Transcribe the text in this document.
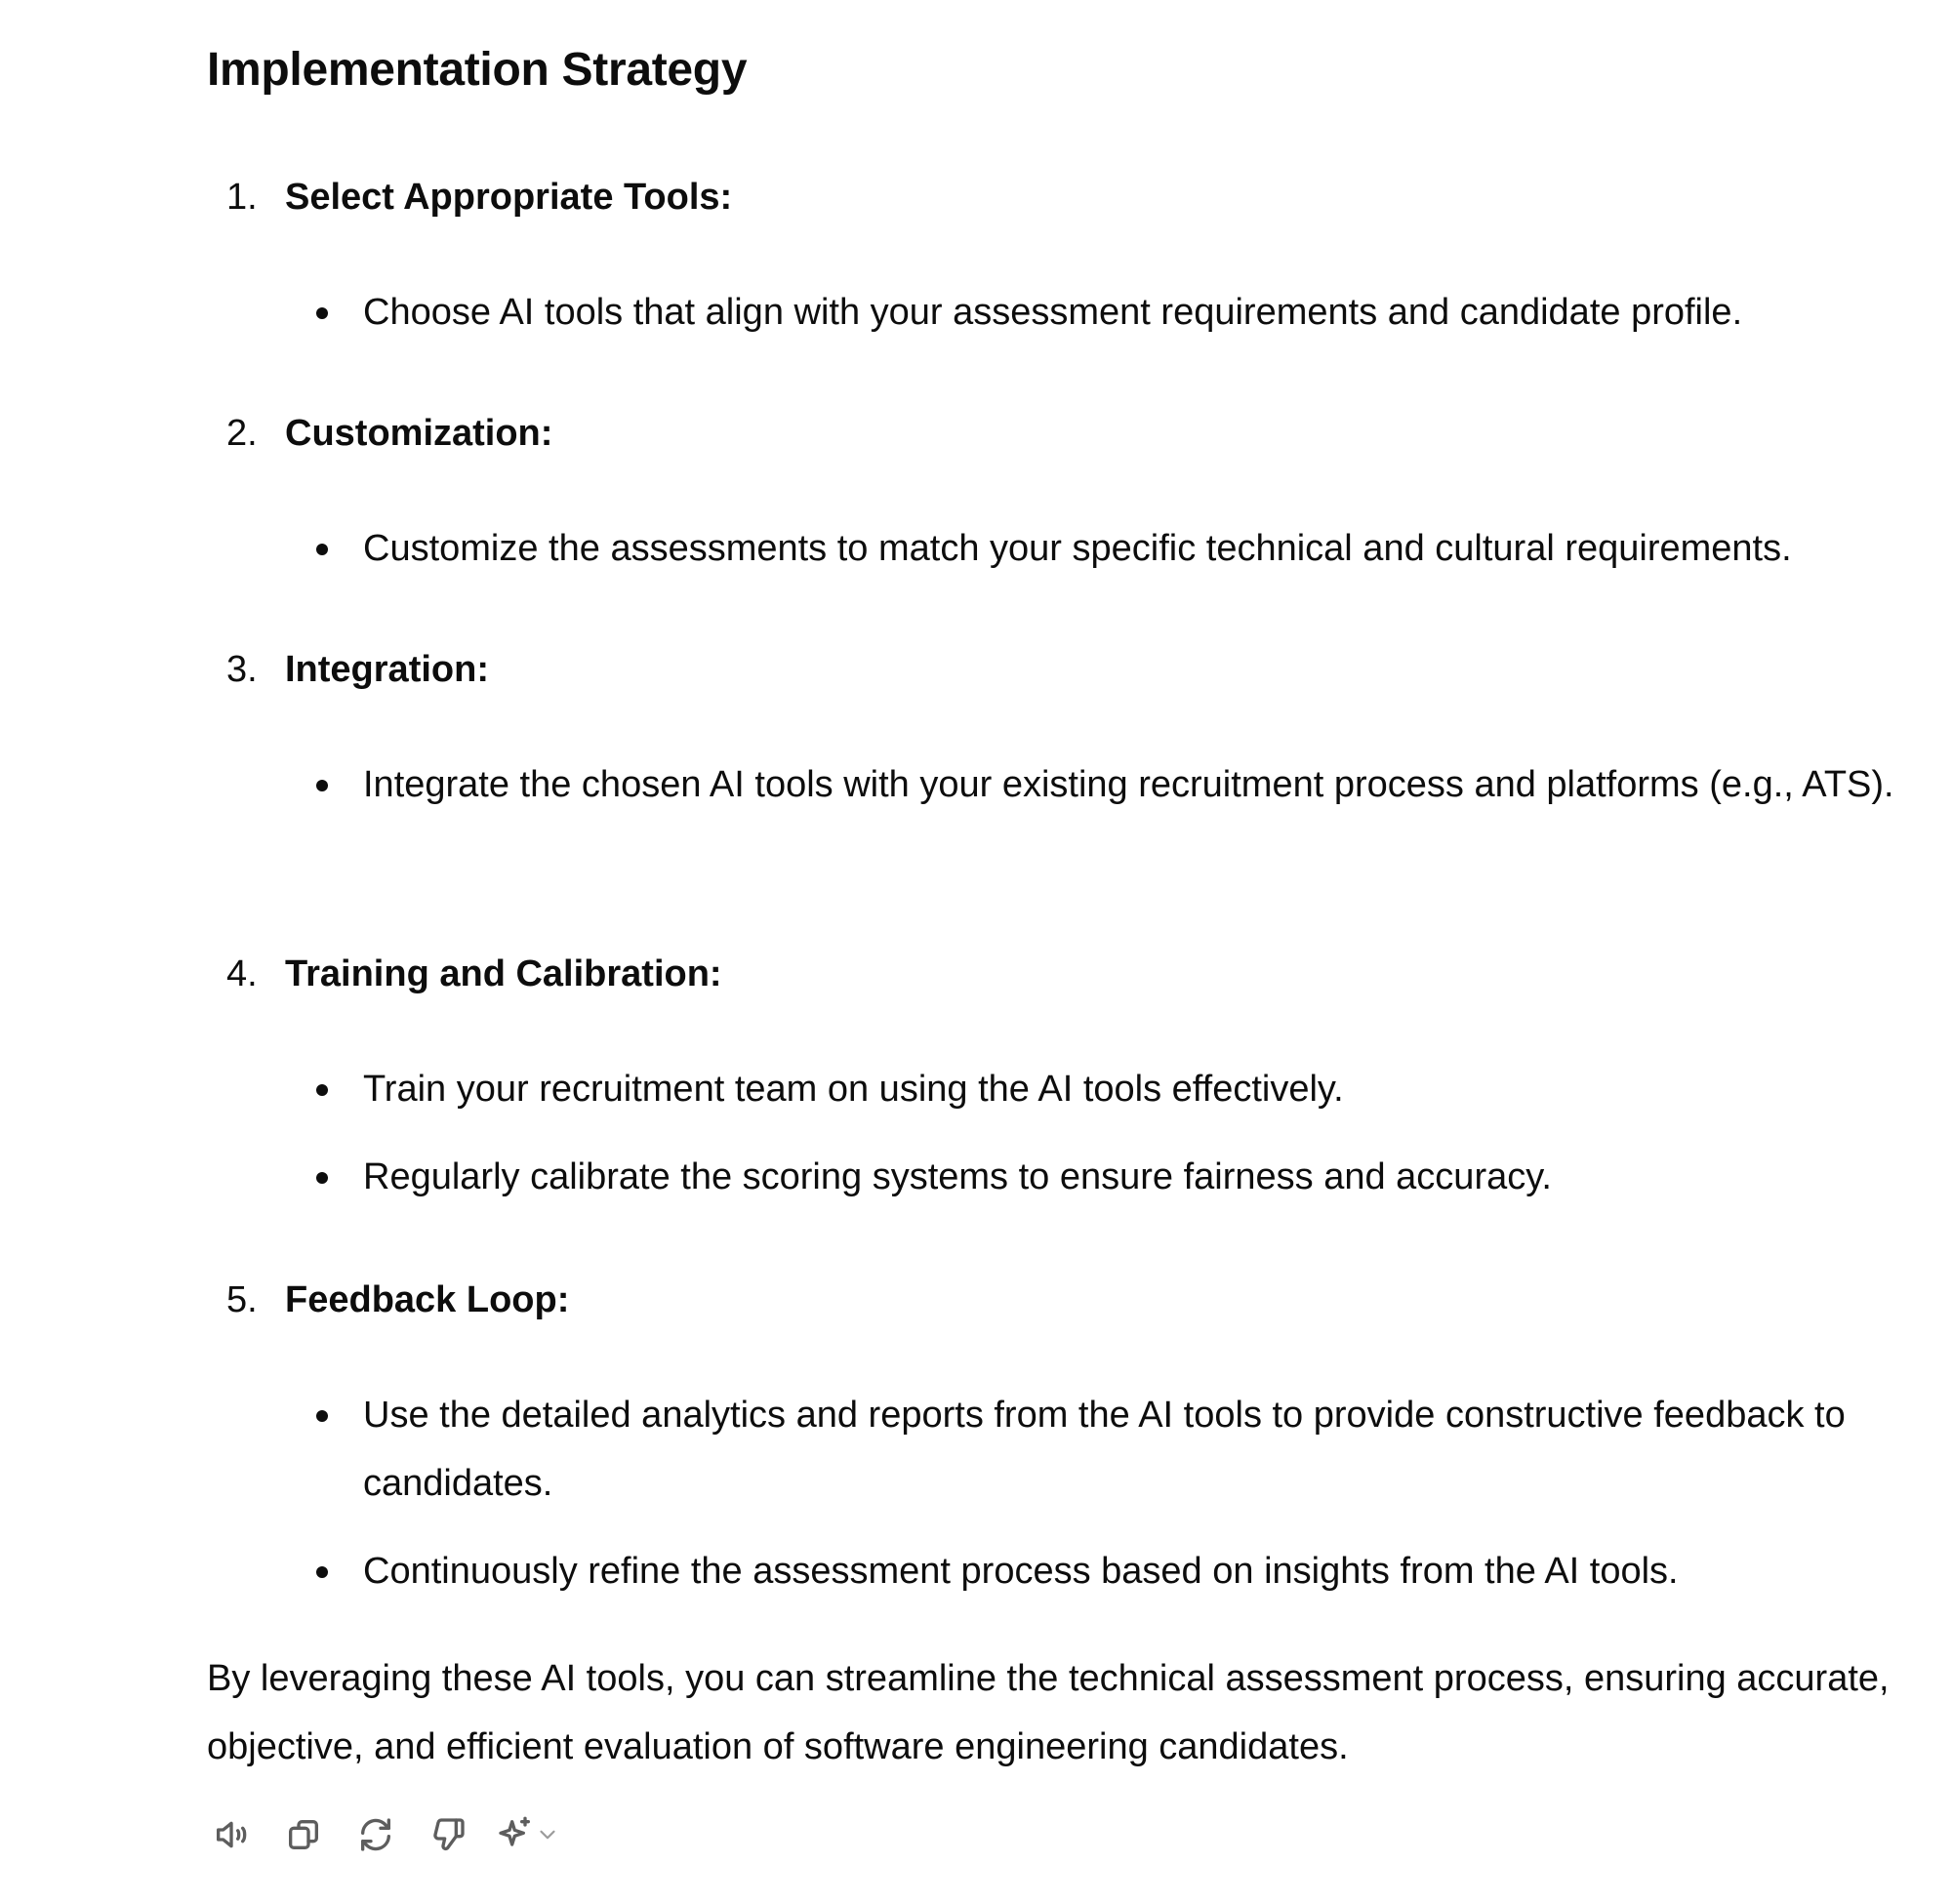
Implementation Strategy
1. Select Appropriate Tools:
Choose AI tools that align with your assessment requirements and candidate profile.
2. Customization:
Customize the assessments to match your specific technical and cultural requirements.
3. Integration:
Integrate the chosen AI tools with your existing recruitment process and platforms (e.g., ATS).
4. Training and Calibration:
Train your recruitment team on using the AI tools effectively.
Regularly calibrate the scoring systems to ensure fairness and accuracy.
5. Feedback Loop:
Use the detailed analytics and reports from the AI tools to provide constructive feedback to candidates.
Continuously refine the assessment process based on insights from the AI tools.

By leveraging these AI tools, you can streamline the technical assessment process, ensuring accurate, objective, and efficient evaluation of software engineering candidates.
